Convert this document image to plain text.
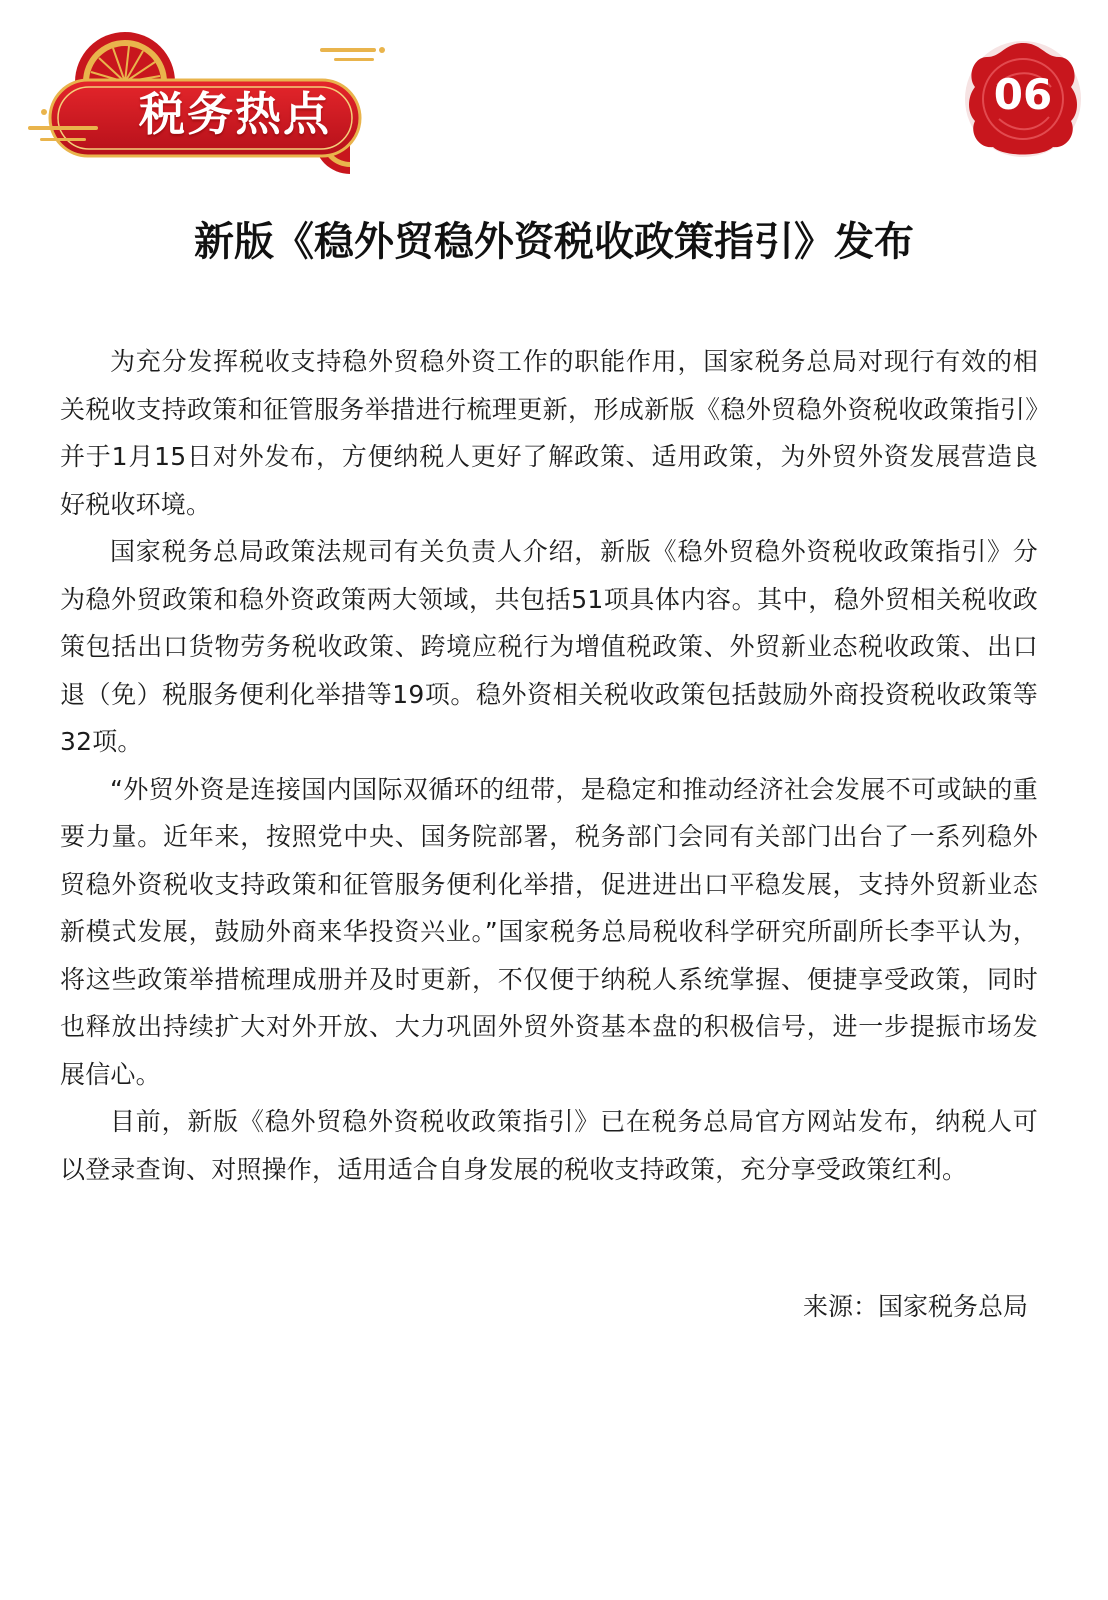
税务热点	06
新版《稳外贸稳外资税收政策指引》发布

为充分发挥税收支持稳外贸稳外资工作的职能作用，国家税务总局对现行有效的相关税收支持政策和征管服务举措进行梳理更新，形成新版《稳外贸稳外资税收政策指引》并于1月15日对外发布，方便纳税人更好了解政策、适用政策，为外贸外资发展营造良好税收环境。

国家税务总局政策法规司有关负责人介绍，新版《稳外贸稳外资税收政策指引》分为稳外贸政策和稳外资政策两大领域，共包括51项具体内容。其中，稳外贸相关税收政策包括出口货物劳务税收政策、跨境应税行为增值税政策、外贸新业态税收政策、出口退（免）税服务便利化举措等19项。稳外资相关税收政策包括鼓励外商投资税收政策等32项。

“外贸外资是连接国内国际双循环的纽带，是稳定和推动经济社会发展不可或缺的重要力量。近年来，按照党中央、国务院部署，税务部门会同有关部门出台了一系列稳外贸稳外资税收支持政策和征管服务便利化举措，促进进出口平稳发展，支持外贸新业态新模式发展，鼓励外商来华投资兴业。”国家税务总局税收科学研究所副所长李平认为，将这些政策举措梳理成册并及时更新，不仅便于纳税人系统掌握、便捷享受政策，同时也释放出持续扩大对外开放、大力巩固外贸外资基本盘的积极信号，进一步提振市场发展信心。

目前，新版《稳外贸稳外资税收政策指引》已在税务总局官方网站发布，纳税人可以登录查询、对照操作，适用适合自身发展的税收支持政策，充分享受政策红利。

来源：国家税务总局
